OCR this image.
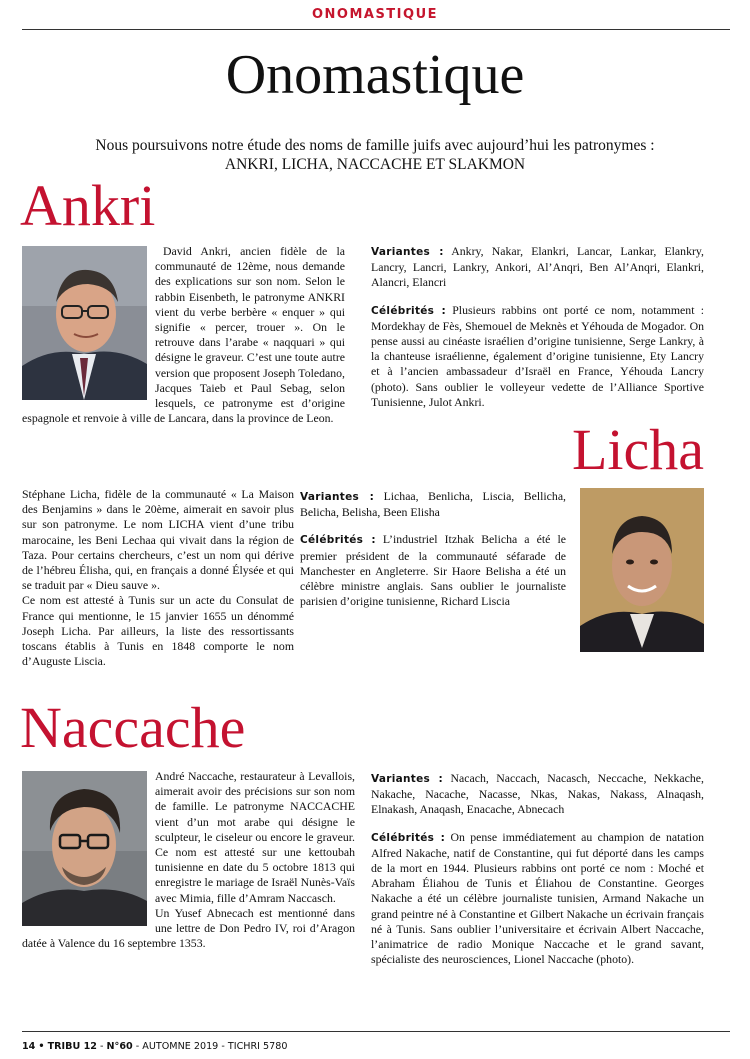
ONOMASTIQUE
Onomastique
Nous poursuivons notre étude des noms de famille juifs avec aujourd’hui les patronymes :
ANKRI, LICHA, NACCACHE ET SLAKMON
Ankri

David Ankri, ancien fidèle de la communauté de 12ème, nous demande des explications sur son nom. Selon le rabbin Eisenbeth, le patronyme ANKRI vient du verbe berbère « enquer » qui signifie « percer, trouer ». On le retrouve dans l’arabe « naqquari » qui désigne le graveur. C’est une toute autre version que proposent Joseph Toledano, Jacques Taieb et Paul Sebag, selon lesquels, ce patronyme est d’origine espagnole et renvoie à ville de Lancara, dans la province de Leon.

Variantes : Ankry, Nakar, Elankri, Lancar, Lankar, Elankry, Lancry, Lancri, Lankry, Ankori, Al’Anqri, Ben Al’Anqri, Elankri, Alancri, Elancri

Célébrités : Plusieurs rabbins ont porté ce nom, notamment : Mordekhay de Fès, Shemouel de Meknès et Yéhouda de Mogador. On pense aussi au cinéaste israélien d’origine tunisienne, Serge Lankry, à la chanteuse israélienne, également d’origine tunisienne, Ety Lancry et à l’ancien ambassadeur d’Israël en France, Yéhouda Lancry (photo). Sans oublier le volleyeur vedette de l’Alliance Sportive Tunisienne, Julot Ankri.

Licha

Stéphane Licha, fidèle de la communauté « La Maison des Benjamins » dans le 20ème, aimerait en savoir plus sur son patronyme. Le nom LICHA vient d’une tribu marocaine, les Beni Lechaa qui vivait dans la région de Taza. Pour certains chercheurs, c’est un nom qui dérive de l’hébreu Élisha, qui, en français a donné Élysée et qui se traduit par « Dieu sauve ».

Ce nom est attesté à Tunis sur un acte du Consulat de France qui mentionne, le 15 janvier 1655 un dénommé Joseph Licha. Par ailleurs, la liste des ressortissants toscans établis à Tunis en 1848 comporte le nom d’Auguste Liscia.

Variantes : Lichaa, Benlicha, Liscia, Bellicha, Belicha, Belisha, Been Elisha

Célébrités : L’industriel Itzhak Belicha a été le premier président de la communauté séfarade de Manchester en Angleterre. Sir Haore Belisha a été un célèbre ministre anglais. Sans oublier le journaliste parisien d’origine tunisienne, Richard Liscia

Naccache

André Naccache, restaurateur à Levallois, aimerait avoir des précisions sur son nom de famille. Le patronyme NACCACHE vient d’un mot arabe qui désigne le sculpteur, le ciseleur ou encore le graveur. Ce nom est attesté sur une kettoubah tunisienne en date du 5 octobre 1813 qui enregistre le mariage de Israël Nunès-Vaïs avec Mimia, fille d’Amram Naccasch.

Un Yusef Abnecach est mentionné dans une lettre de Don Pedro IV, roi d’Aragon datée à Valence du 16 septembre 1353.

Variantes : Nacach, Naccach, Nacasch, Neccache, Nekkache, Nakache, Nacache, Nacasse, Nkas, Nakas, Nakass, Alnaqash, Elnakash, Anaqash, Enacache, Abnecach

Célébrités : On pense immédiatement au champion de natation Alfred Nakache, natif de Constantine, qui fut déporté dans les camps de la mort en 1944. Plusieurs rabbins ont porté ce nom : Moché et Abraham Éliahou de Tunis et Éliahou de Constantine. Georges Nakache a été un célèbre journaliste tunisien, Armand Nakache un grand peintre né à Constantine et Gilbert Nakache un écrivain français né à Tunis. Sans oublier l’universitaire et écrivain Albert Naccache, l’animatrice de radio Monique Naccache et le grand savant, spécialiste des neurosciences, Lionel Naccache (photo).

14 • TRIBU 12 - N°60 - AUTOMNE 2019 - TICHRI 5780
